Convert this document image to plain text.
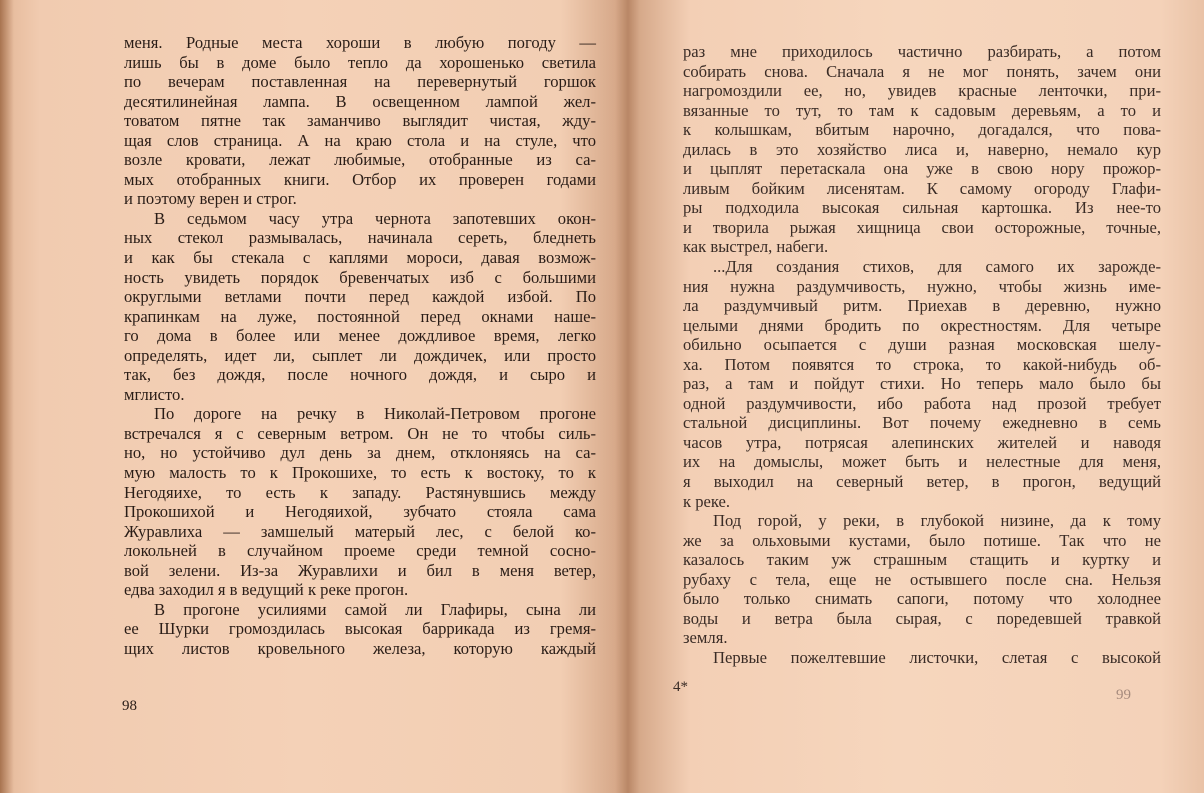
меня. Родные места хороши в любую погоду —
лишь бы в доме было тепло да хорошенько светила
по вечерам поставленная на перевернутый горшок
десятилинейная лампа. В освещенном лампой жел-
товатом пятне так заманчиво выглядит чистая, жду-
щая слов страница. А на краю стола и на стуле, что
возле кровати, лежат любимые, отобранные из са-
мых отобранных книги. Отбор их проверен годами
и поэтому верен и строг.
В седьмом часу утра чернота запотевших окон-
ных стекол размывалась, начинала сереть, бледнеть
и как бы стекала с каплями мороси, давая возмож-
ность увидеть порядок бревенчатых изб с большими
округлыми ветлами почти перед каждой избой. По
крапинкам на луже, постоянной перед окнами наше-
го дома в более или менее дождливое время, легко
определять, идет ли, сыплет ли дождичек, или просто
так, без дождя, после ночного дождя, и сыро и
мглисто.
По дороге на речку в Николай-Петровом прогоне
встречался я с северным ветром. Он не то чтобы силь-
но, но устойчиво дул день за днем, отклоняясь на са-
мую малость то к Прокошихе, то есть к востоку, то к
Негодяихе, то есть к западу. Растянувшись между
Прокошихой и Негодяихой, зубчато стояла сама
Журавлиха — замшелый матерый лес, с белой ко-
локольней в случайном проеме среди темной сосно-
вой зелени. Из-за Журавлихи и бил в меня ветер,
едва заходил я в ведущий к реке прогон.
В прогоне усилиями самой ли Глафиры, сына ли
ее Шурки громоздилась высокая баррикада из гремя-
щих листов кровельного железа, которую каждый
98
раз мне приходилось частично разбирать, а потом
собирать снова. Сначала я не мог понять, зачем они
нагромоздили ее, но, увидев красные ленточки, при-
вязанные то тут, то там к садовым деревьям, а то и
к колышкам, вбитым нарочно, догадался, что пова-
дилась в это хозяйство лиса и, наверно, немало кур
и цыплят перетаскала она уже в свою нору прожор-
ливым бойким лисенятам. К самому огороду Глафи-
ры подходила высокая сильная картошка. Из нее-то
и творила рыжая хищница свои осторожные, точные,
как выстрел, набеги.
...Для создания стихов, для самого их зарожде-
ния нужна раздумчивость, нужно, чтобы жизнь име-
ла раздумчивый ритм. Приехав в деревню, нужно
целыми днями бродить по окрестностям. Для четыре
обильно осыпается с души разная московская шелу-
ха. Потом появятся то строка, то какой-нибудь об-
раз, а там и пойдут стихи. Но теперь мало было бы
одной раздумчивости, ибо работа над прозой требует
стальной дисциплины. Вот почему ежедневно в семь
часов утра, потрясая алепинских жителей и наводя
их на домыслы, может быть и нелестные для меня,
я выходил на северный ветер, в прогон, ведущий
к реке.
Под горой, у реки, в глубокой низине, да к тому
же за ольховыми кустами, было потише. Так что не
казалось таким уж страшным стащить и куртку и
рубаху с тела, еще не остывшего после сна. Нельзя
было только снимать сапоги, потому что холоднее
воды и ветра была сырая, с поредевшей травкой
земля.
Первые пожелтевшие листочки, слетая с высокой
4*	99
